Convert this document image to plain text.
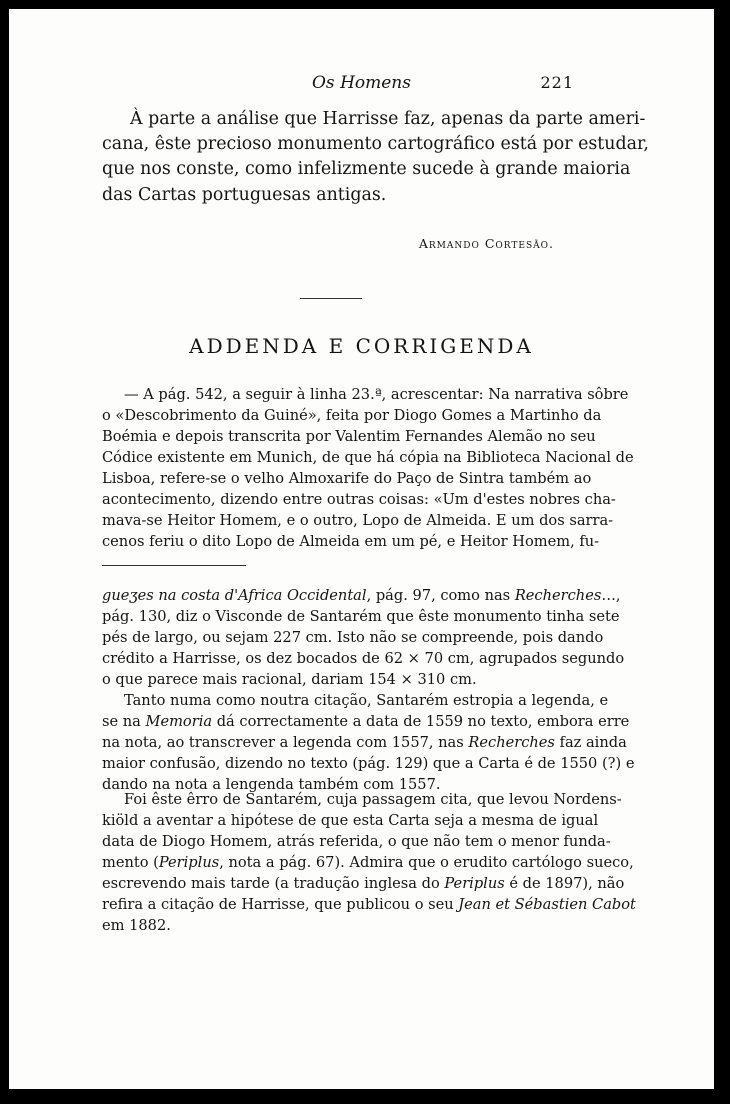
Os Homens	221

À parte a análise que Harrisse faz, apenas da parte ameri-
cana, êste precioso monumento cartográfico está por estudar,
que nos conste, como infelizmente sucede à grande maioria
das Cartas portuguesas antigas.

Armando Cortesão.
ADDENDA E CORRIGENDA

— A pág. 542, a seguir à linha 23.ª, acrescentar: Na narrativa sôbre
o «Descobrimento da Guiné», feita por Diogo Gomes a Martinho da
Boémia e depois transcrita por Valentim Fernandes Alemão no seu
Códice existente em Munich, de que há cópia na Biblioteca Nacional de
Lisboa, refere-se o velho Almoxarife do Paço de Sintra também ao
acontecimento, dizendo entre outras coisas: «Um d'estes nobres cha-
mava-se Heitor Homem, e o outro, Lopo de Almeida. E um dos sarra-
cenos feriu o dito Lopo de Almeida em um pé, e Heitor Homem, fu-

gueʒes na costa d'Africa Occidental, pág. 97, como nas Recherches…,
pág. 130, diz o Visconde de Santarém que êste monumento tinha sete
pés de largo, ou sejam 227 cm. Isto não se compreende, pois dando
crédito a Harrisse, os dez bocados de 62 × 70 cm, agrupados segundo
o que parece mais racional, dariam 154 × 310 cm.

Tanto numa como noutra citação, Santarém estropia a legenda, e
se na Memoria dá correctamente a data de 1559 no texto, embora erre
na nota, ao transcrever a legenda com 1557, nas Recherches faz ainda
maior confusão, dizendo no texto (pág. 129) que a Carta é de 1550 (?) e
dando na nota a lengenda também com 1557.

Foi êste êrro de Santarém, cuja passagem cita, que levou Nordens-
kiöld a aventar a hipótese de que esta Carta seja a mesma de igual
data de Diogo Homem, atrás referida, o que não tem o menor funda-
mento (Periplus, nota a pág. 67). Admira que o erudito cartólogo sueco,
escrevendo mais tarde (a tradução inglesa do Periplus é de 1897), não
refira a citação de Harrisse, que publicou o seu Jean et Sébastien Cabot
em 1882.
